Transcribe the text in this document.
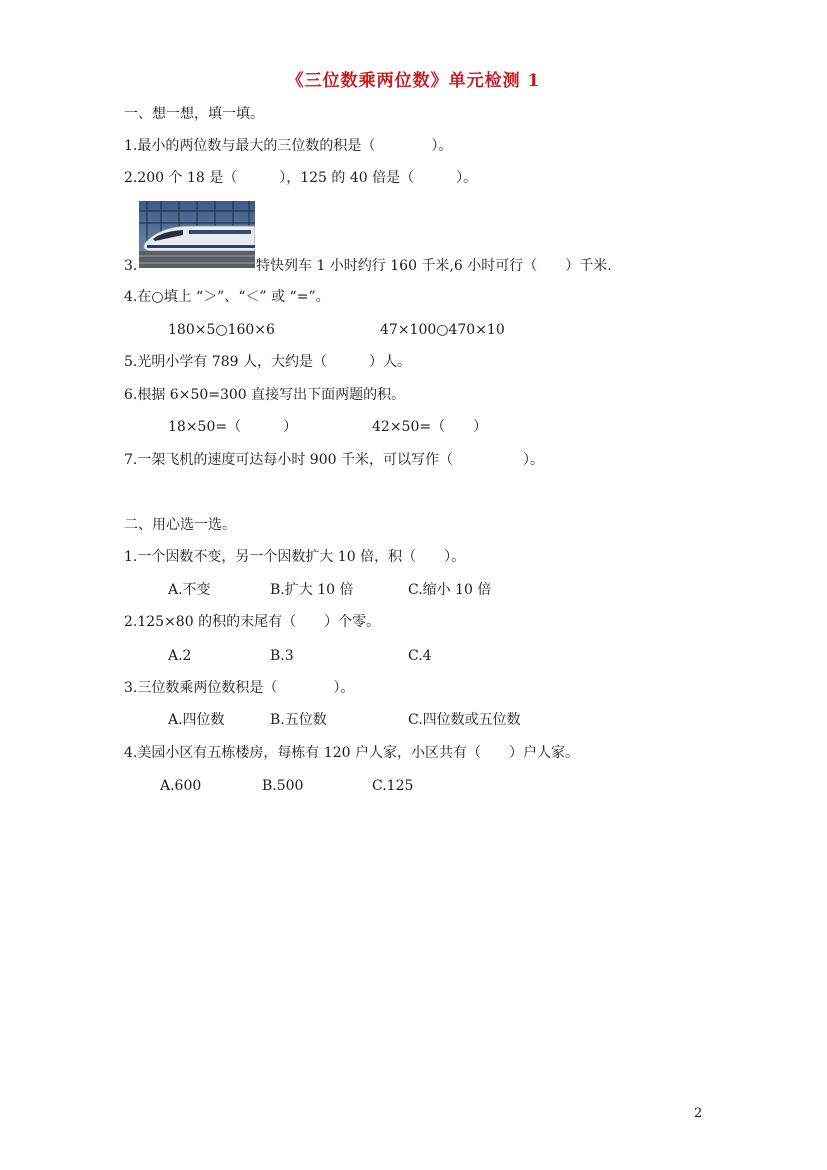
《三位数乘两位数》单元检测 1
一、想一想，填一填。
1.最小的两位数与最大的三位数的积是（　　　　）。
2.200 个 18 是（　　　），125 的 40 倍是（　　　）。
3.	特快列车 1 小时约行 160 千米,6 小时可行（　　）千米.
4.在○填上 “＞”、“＜” 或 “=”。
180×5○160×6	47×100○470×10
5.光明小学有 789 人，大约是（　　　）人。
6.根据 6×50=300 直接写出下面两题的积。
18×50=（　　　）	42×50=（　　）
7.一架飞机的速度可达每小时 900 千米，可以写作（　　　　　）。
二、用心选一选。
1.一个因数不变，另一个因数扩大 10 倍，积（　　）。
A.不变	B.扩大 10 倍	C.缩小 10 倍
2.125×80 的积的末尾有（　　）个零。
A.2	B.3	C.4
3.三位数乘两位数积是（　　　　）。
A.四位数	B.五位数	C.四位数或五位数
4.美园小区有五栋楼房，每栋有 120 户人家，小区共有（　　）户人家。
A.600	B.500	C.125
2
